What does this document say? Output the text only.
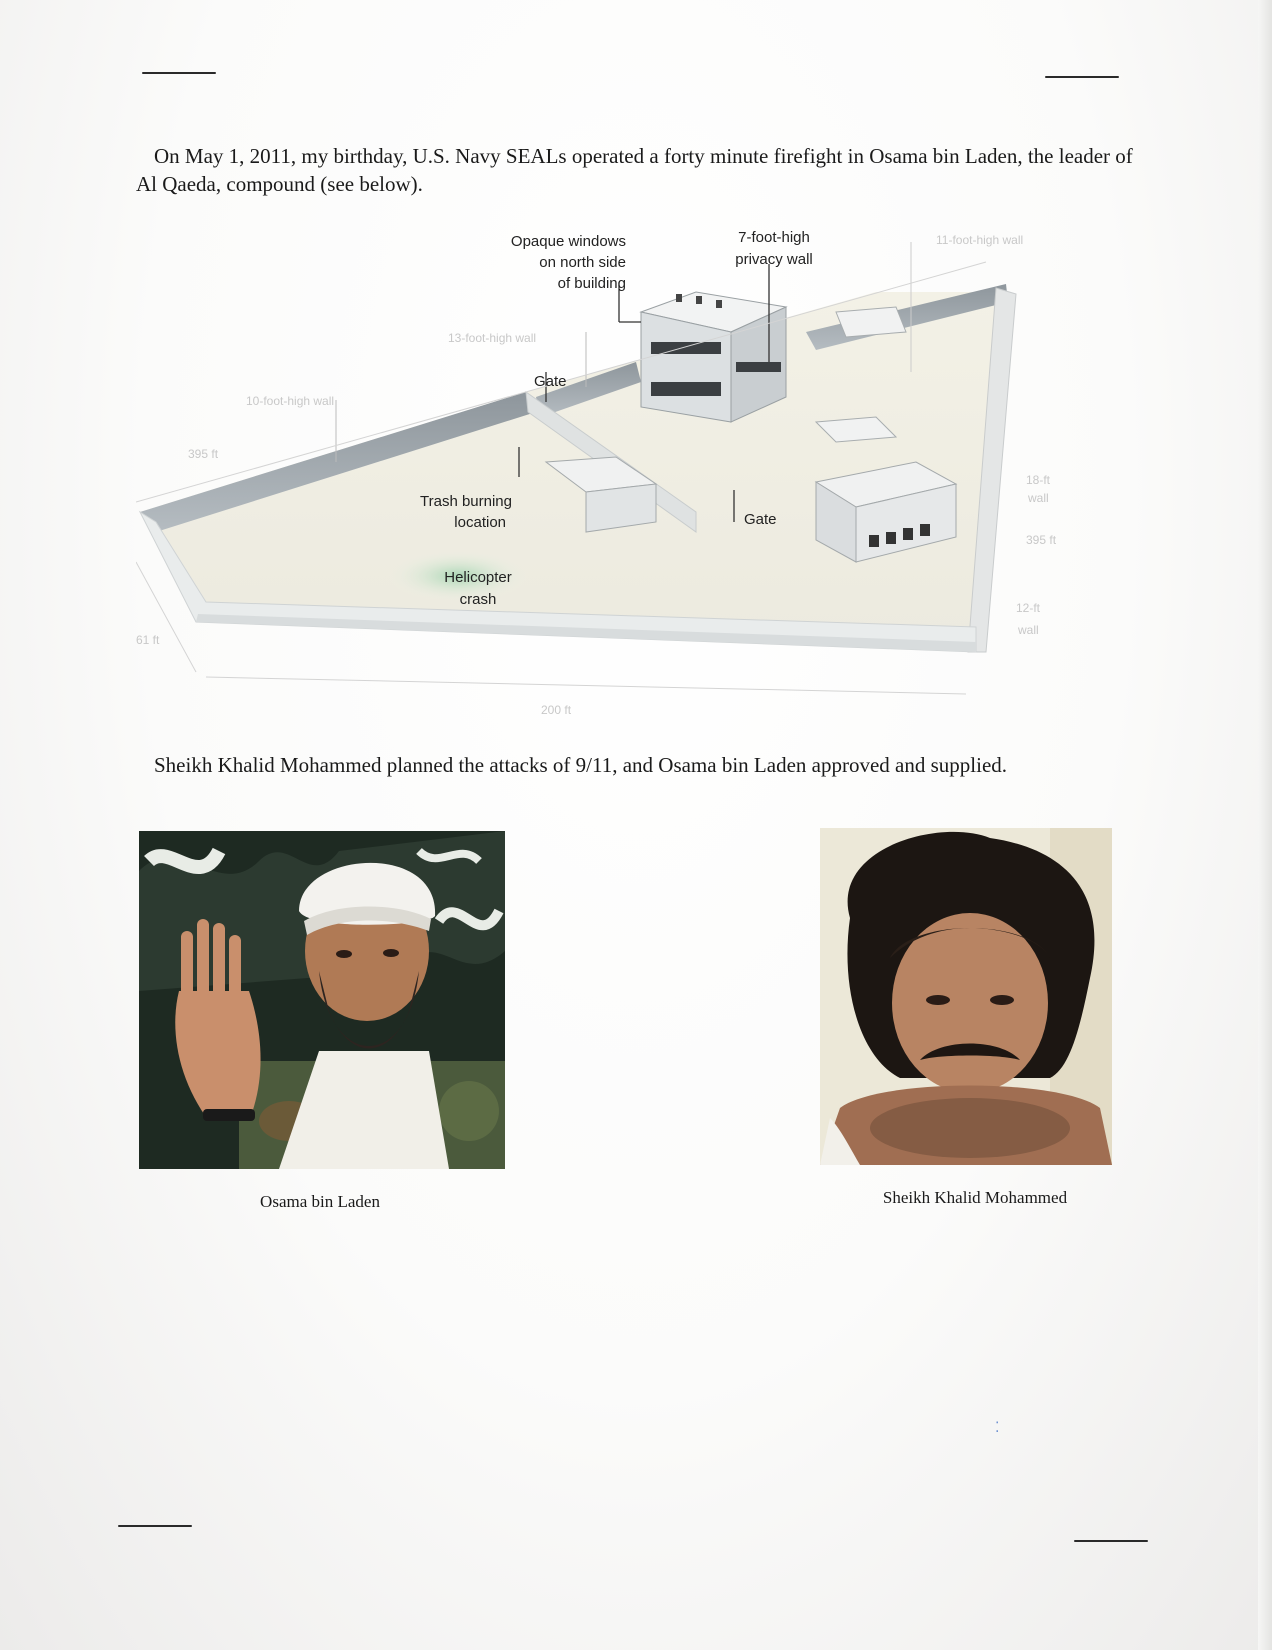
On May 1, 2011, my birthday, U.S. Navy SEALs operated a forty minute firefight in Osama bin Laden, the leader of Al Qaeda, compound (see below).

Opaque windows
on north side
of building
7-foot-high
privacy wall
11-foot-high wall
13-foot-high wall
10-foot-high wall
Gate
Gate
Trash burning
location
Helicopter
crash
395 ft
61 ft
200 ft
18-ft
wall
395 ft
12-ft
wall

Sheikh Khalid Mohammed planned the attacks of 9/11, and Osama bin Laden approved and supplied.

Osama bin Laden	Sheikh Khalid Mohammed
⁚
